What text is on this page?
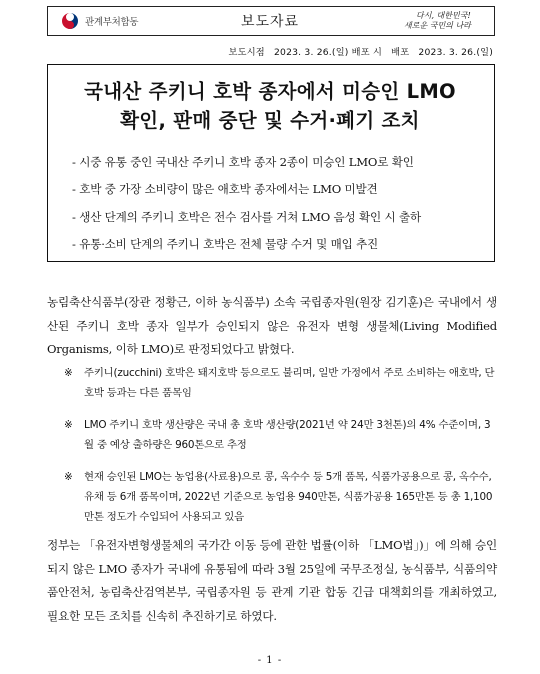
관계부처합동	보도자료	다시, 대한민국!
새로운 국민의 나라
보도시점 2023. 3. 26.(일) 배포 시 배포 2023. 3. 26.(일)
국내산 주키니 호박 종자에서 미승인 LMO
확인, 판매 중단 및 수거·폐기 조치
- 시중 유통 중인 국내산 주키니 호박 종자 2종이 미승인 LMO로 확인
- 호박 중 가장 소비량이 많은 애호박 종자에서는 LMO 미발견
- 생산 단계의 주키니 호박은 전수 검사를 거쳐 LMO 음성 확인 시 출하
- 유통·소비 단계의 주키니 호박은 전체 물량 수거 및 매입 추진
농림축산식품부(장관 정황근, 이하 농식품부) 소속 국립종자원(원장 김기훈)은 국내에서 생산된 주키니 호박 종자 일부가 승인되지 않은 유전자 변형 생물체(Living Modified Organisms, 이하 LMO)로 판정되었다고 밝혔다.
※ 주키니(zucchini) 호박은 돼지호박 등으로도 불리며, 일반 가정에서 주로 소비하는 애호박, 단호박 등과는 다른 품목임
※ LMO 주키니 호박 생산량은 국내 총 호박 생산량(2021년 약 24만 3천톤)의 4% 수준이며, 3월 중 예상 출하량은 960톤으로 추정
※ 현재 승인된 LMO는 농업용(사료용)으로 콩, 옥수수 등 5개 품목, 식품가공용으로 콩, 옥수수, 유채 등 6개 품목이며, 2022년 기준으로 농업용 940만톤, 식품가공용 165만톤 등 총 1,100만톤 정도가 수입되어 사용되고 있음
정부는 「유전자변형생물체의 국가간 이동 등에 관한 법률(이하 「LMO법」)」에 의해 승인되지 않은 LMO 종자가 국내에 유통됨에 따라 3월 25일에 국무조정실, 농식품부, 식품의약품안전처, 농림축산검역본부, 국립종자원 등 관계 기관 합동 긴급 대책회의를 개최하였고, 필요한 모든 조치를 신속히 추진하기로 하였다.
- 1 -
